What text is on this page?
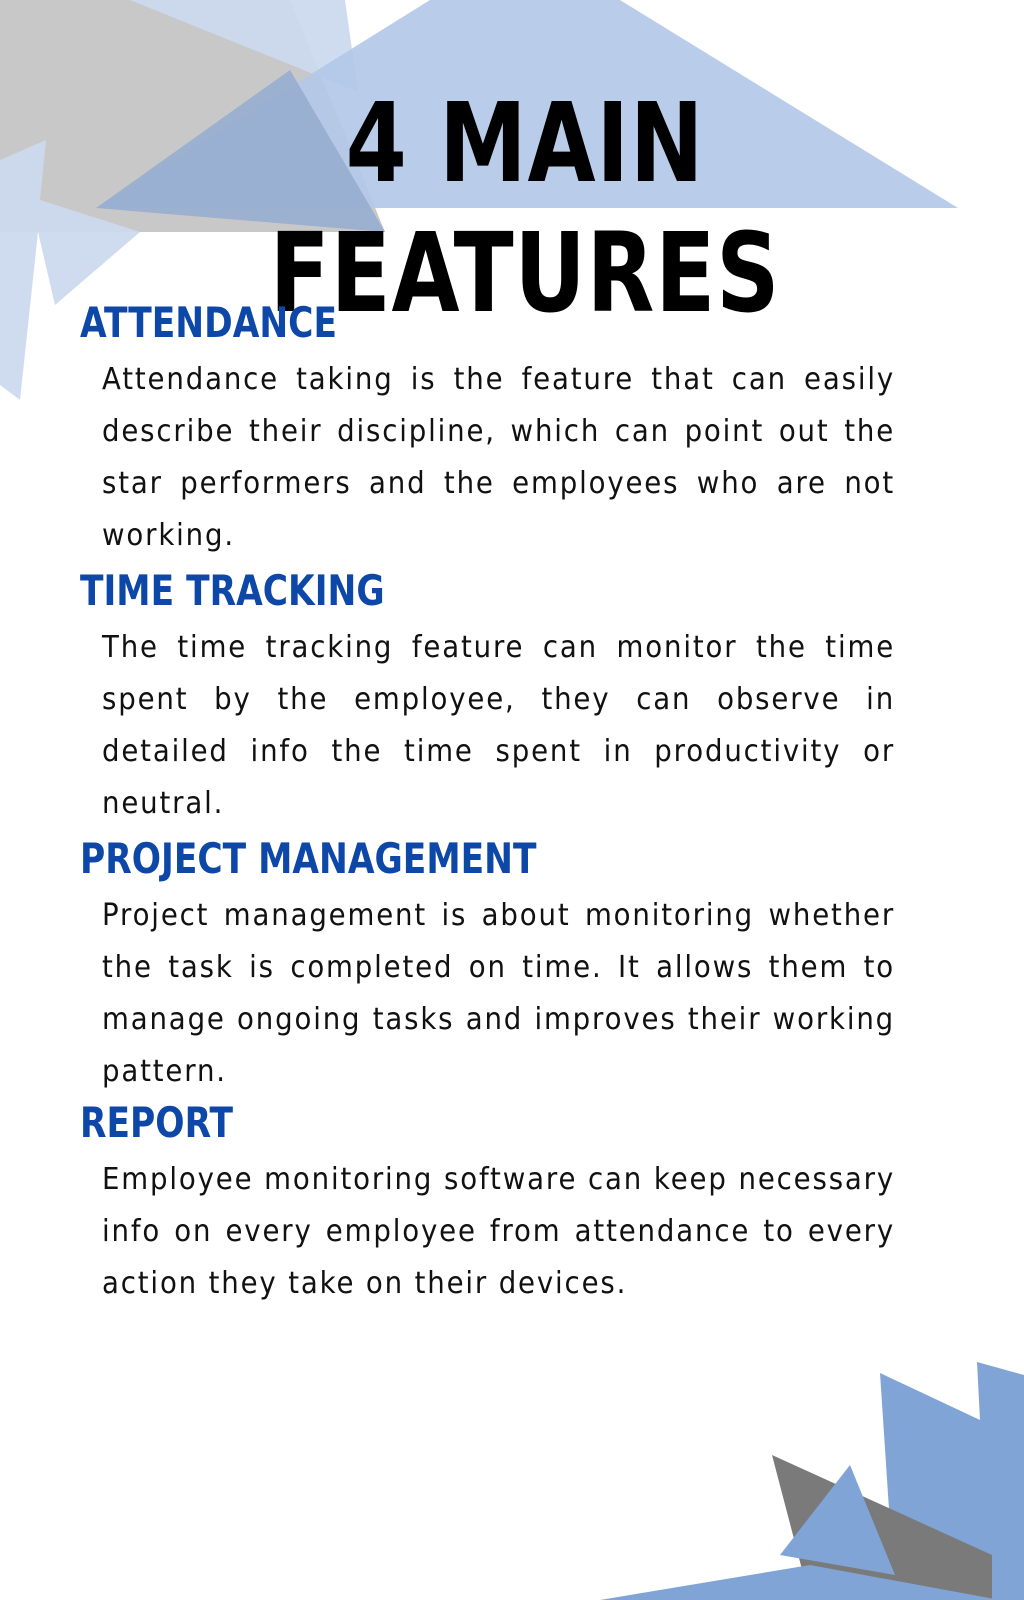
4 MAIN FEATURES
ATTENDANCE

Attendance taking is the feature that can easily describe their discipline, which can point out the star performers and the employees who are not working.

TIME TRACKING

The time tracking feature can monitor the time spent by the employee, they can observe in detailed info the time spent in productivity or neutral.

PROJECT MANAGEMENT

Project management is about monitoring whether the task is completed on time. It allows them to manage ongoing tasks and improves their working pattern.

REPORT

Employee monitoring software can keep necessary info on every employee from attendance to every action they take on their devices.
